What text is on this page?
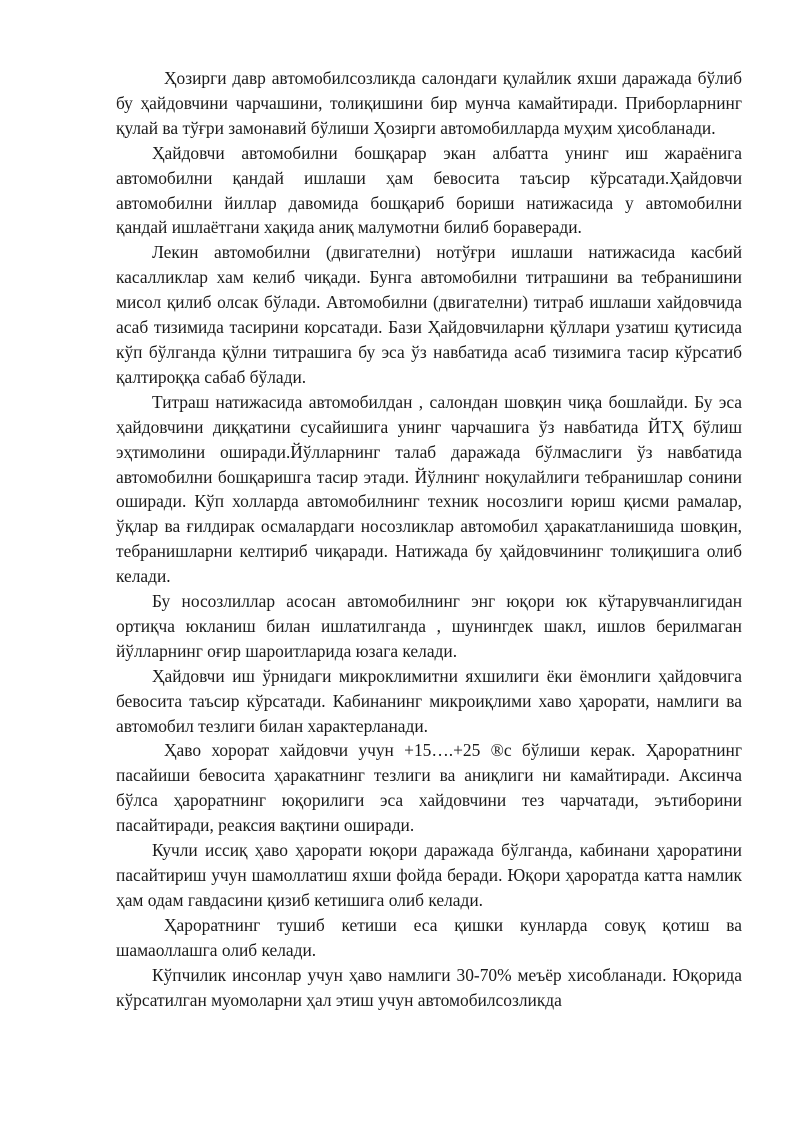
Ҳозирги давр автомобилсозликда салондаги қулайлик яхши даражада бўлиб бу ҳайдовчини чарчашини, толиқишини бир мунча камайтиради. Приборларнинг қулай ва тўғри замонавий бўлиши Ҳозирги автомобилларда муҳим ҳисобланади.

Ҳайдовчи автомобилни бошқарар экан албатта унинг иш жараёнига автомобилни қандай ишлаши ҳам бевосита таъсир кўрсатади.Ҳайдовчи автомобилни йиллар давомида бошқариб бориши натижасида у автомобилни қандай ишлаётгани хақида аниқ малумотни билиб бораверади.

Лекин автомобилни (двигателни) нотўғри ишлаши натижасида касбий касалликлар хам келиб чиқади. Бунга автомобилни титрашини ва тебранишини мисол қилиб олсак бўлади. Автомобилни (двигателни) титраб ишлаши хайдовчида асаб тизимида тасирини корсатади. Бази Ҳайдовчиларни қўллари узатиш қутисида кўп бўлганда қўлни титрашига бу эса ўз навбатида асаб тизимига тасир кўрсатиб қалтироққа сабаб бўлади.

Титраш натижасида автомобилдан , салондан шовқин чиқа бошлайди. Бу эса ҳайдовчини диққатини сусайишига унинг чарчашига ўз навбатида ЙТҲ бўлиш эҳтимолини оширади.Йўлларнинг талаб даражада бўлмаслиги ўз навбатида автомобилни бошқаришга тасир этади. Йўлнинг ноқулайлиги тебранишлар сонини оширади. Кўп холларда автомобилнинг техник носозлиги юриш қисми рамалар, ўқлар ва ғилдирак осмалардаги носозликлар автомобил ҳаракатланишида шовқин, тебранишларни келтириб чиқаради. Натижада бу ҳайдовчининг толиқишига олиб келади.

Бу носозлиллар асосан автомобилнинг энг юқори юк кўтарувчанлигидан ортиқча юкланиш билан ишлатилганда , шунингдек шакл, ишлов берилмаган йўлларнинг оғир шароитларида юзага келади.

Ҳайдовчи иш ўрнидаги микроклимитни яхшилиги ёки ёмонлиги ҳайдовчига бевосита таъсир кўрсатади. Кабинанинг микроиқлими хаво ҳарорати, намлиги ва автомобил тезлиги билан характерланади.

Ҳаво хорорат хайдовчи учун +15….+25 ®с бўлиши керак. Ҳароратнинг пасайиши бевосита ҳаракатнинг тезлиги ва аниқлиги ни камайтиради. Аксинча бўлса ҳароратнинг юқорилиги эса хайдовчини тез чарчатади, эътиборини пасайтиради, реаксия вақтини оширади.

Кучли иссиқ ҳаво ҳарорати юқори даражада бўлганда, кабинани ҳароратини пасайтириш учун шамоллатиш яхши фойда беради. Юқори ҳароратда катта намлик ҳам одам гавдасини қизиб кетишига олиб келади.

Ҳароратнинг тушиб кетиши еса қишки кунларда совуқ қотиш ва шамаоллашга олиб келади.

Кўпчилик инсонлар учун ҳаво намлиги 30-70% меъёр хисобланади. Юқорида кўрсатилган муомоларни ҳал этиш учун автомобилсозликда
